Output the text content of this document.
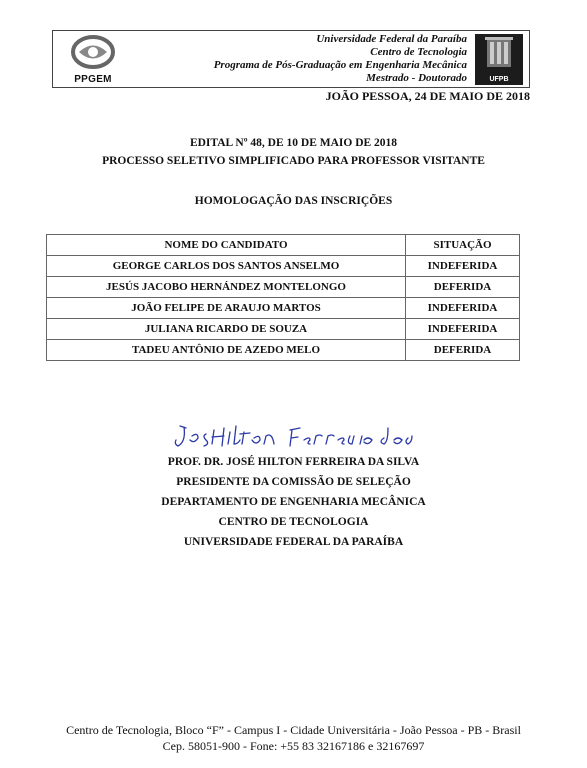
PPGEM
Universidade Federal da Paraíba
Centro de Tecnologia
Programa de Pós-Graduação em Engenharia Mecânica
Mestrado - Doutorado	UFPB
JOÃO PESSOA, 24 DE MAIO DE 2018
EDITAL Nº 48, DE 10 DE MAIO DE 2018
PROCESSO SELETIVO SIMPLIFICADO PARA PROFESSOR VISITANTE
HOMOLOGAÇÃO DAS INSCRIÇÕES
NOME DO CANDIDATO	SITUAÇÃO
GEORGE CARLOS DOS SANTOS ANSELMO	INDEFERIDA
JESÚS JACOBO HERNÁNDEZ MONTELONGO	DEFERIDA
JOÃO FELIPE DE ARAUJO MARTOS	INDEFERIDA
JULIANA RICARDO DE SOUZA	INDEFERIDA
TADEU ANTÔNIO DE AZEDO MELO	DEFERIDA
PROF. DR. JOSÉ HILTON FERREIRA DA SILVA
PRESIDENTE DA COMISSÃO DE SELEÇÃO
DEPARTAMENTO DE ENGENHARIA MECÂNICA
CENTRO DE TECNOLOGIA
UNIVERSIDADE FEDERAL DA PARAÍBA
Centro de Tecnologia, Bloco “F” - Campus I - Cidade Universitária - João Pessoa - PB - Brasil
Cep. 58051-900 - Fone: +55 83 32167186 e 32167697
